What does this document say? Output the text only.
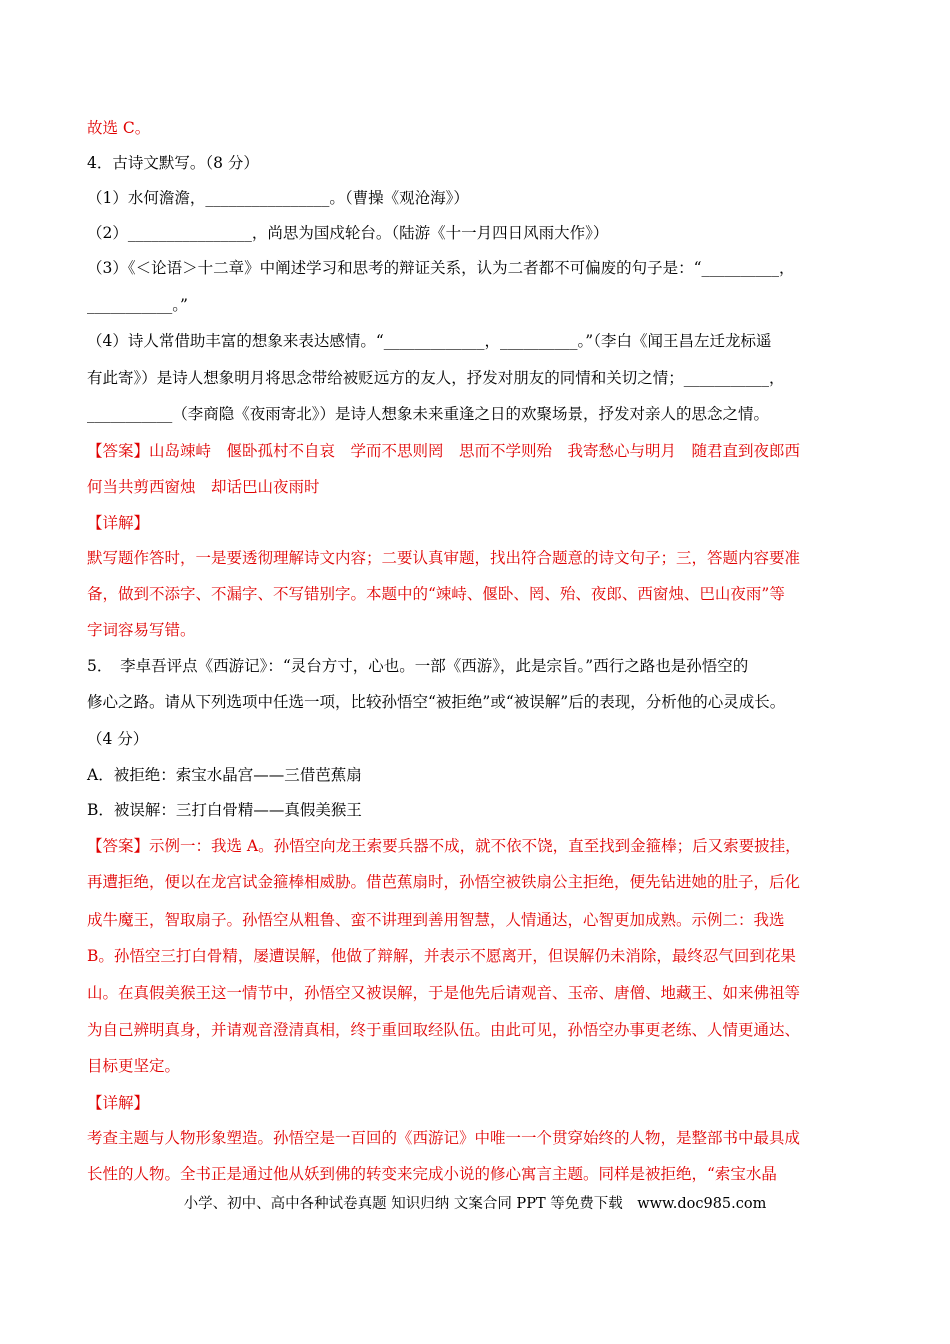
故选 C。
4．古诗文默写。（8 分）
（1）水何澹澹，________________。（曹操《观沧海》）
（2）________________，尚思为国戍轮台。（陆游《十一月四日风雨大作》）
（3）《＜论语＞十二章》中阐述学习和思考的辩证关系，认为二者都不可偏废的句子是：“__________，
___________。”
（4）诗人常借助丰富的想象来表达感情。“_____________，__________。”（李白《闻王昌左迁龙标遥
有此寄》）是诗人想象明月将思念带给被贬远方的友人，抒发对朋友的同情和关切之情；___________，
___________（李商隐《夜雨寄北》）是诗人想象未来重逢之日的欢聚场景，抒发对亲人的思念之情。
【答案】山岛竦峙　偃卧孤村不自哀　学而不思则罔　思而不学则殆　我寄愁心与明月　随君直到夜郎西
何当共剪西窗烛　却话巴山夜雨时
【详解】
默写题作答时，一是要透彻理解诗文内容；二要认真审题，找出符合题意的诗文句子；三，答题内容要准
备，做到不添字、不漏字、不写错别字。本题中的“竦峙、偃卧、罔、殆、夜郎、西窗烛、巴山夜雨”等
字词容易写错。
5．　李卓吾评点《西游记》：“灵台方寸，心也。一部《西游》，此是宗旨。”西行之路也是孙悟空的
修心之路。请从下列选项中任选一项，比较孙悟空“被拒绝”或“被误解”后的表现，分析他的心灵成长。
（4 分）
A．被拒绝：索宝水晶宫——三借芭蕉扇
B．被误解：三打白骨精——真假美猴王
【答案】示例一：我选 A。孙悟空向龙王索要兵器不成，就不依不饶，直至找到金箍棒；后又索要披挂，
再遭拒绝，便以在龙宫试金箍棒相威胁。借芭蕉扇时，孙悟空被铁扇公主拒绝，便先钻进她的肚子，后化
成牛魔王，智取扇子。孙悟空从粗鲁、蛮不讲理到善用智慧，人情通达，心智更加成熟。示例二：我选
B。孙悟空三打白骨精，屡遭误解，他做了辩解，并表示不愿离开，但误解仍未消除，最终忍气回到花果
山。在真假美猴王这一情节中，孙悟空又被误解，于是他先后请观音、玉帝、唐僧、地藏王、如来佛祖等
为自己辨明真身，并请观音澄清真相，终于重回取经队伍。由此可见，孙悟空办事更老练、人情更通达、
目标更坚定。
【详解】
考查主题与人物形象塑造。孙悟空是一百回的《西游记》中唯一一个贯穿始终的人物，是整部书中最具成
长性的人物。全书正是通过他从妖到佛的转变来完成小说的修心寓言主题。同样是被拒绝，“索宝水晶
小学、初中、高中各种试卷真题 知识归纳 文案合同 PPT 等免费下载　www.doc985.com
